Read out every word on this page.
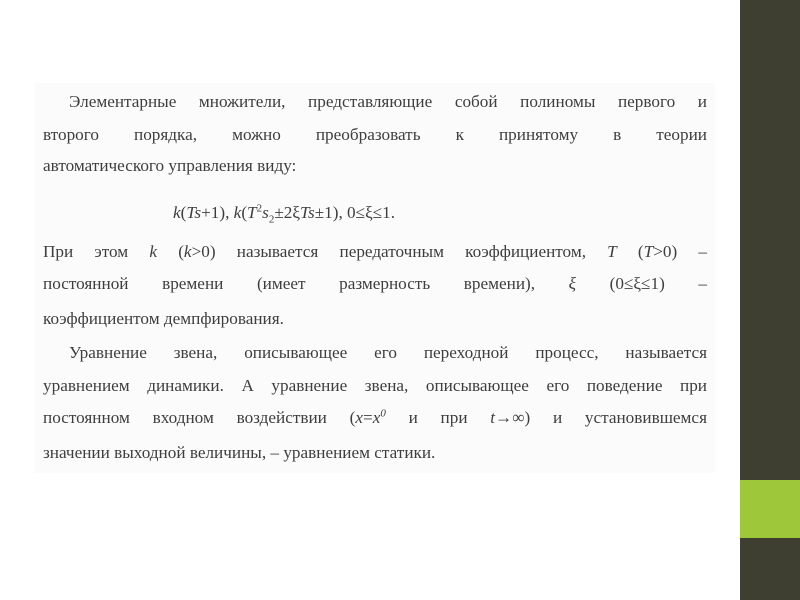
Элементарные множители, представляющие собой полиномы первого и
второго порядка, можно преобразовать к принятому в теории
автоматического управления виду:
k(Ts+1), $k(T^2s_2\pm 2\xi Ts\pm 1)$, 0≤ξ≤1.
При этом k (k>0) называется передаточным коэффициентом, T (T>0) –
постоянной времени (имеет размерность времени), ξ (0≤ξ≤1) –
коэффициентом демпфирования.
Уравнение звена, описывающее его переходной процесс, называется
уравнением динамики. А уравнение звена, описывающее его поведение при
постоянном входном воздействии ($x=x^0$ и при t→∞) и установившемся
значении выходной величины, – уравнением статики.
